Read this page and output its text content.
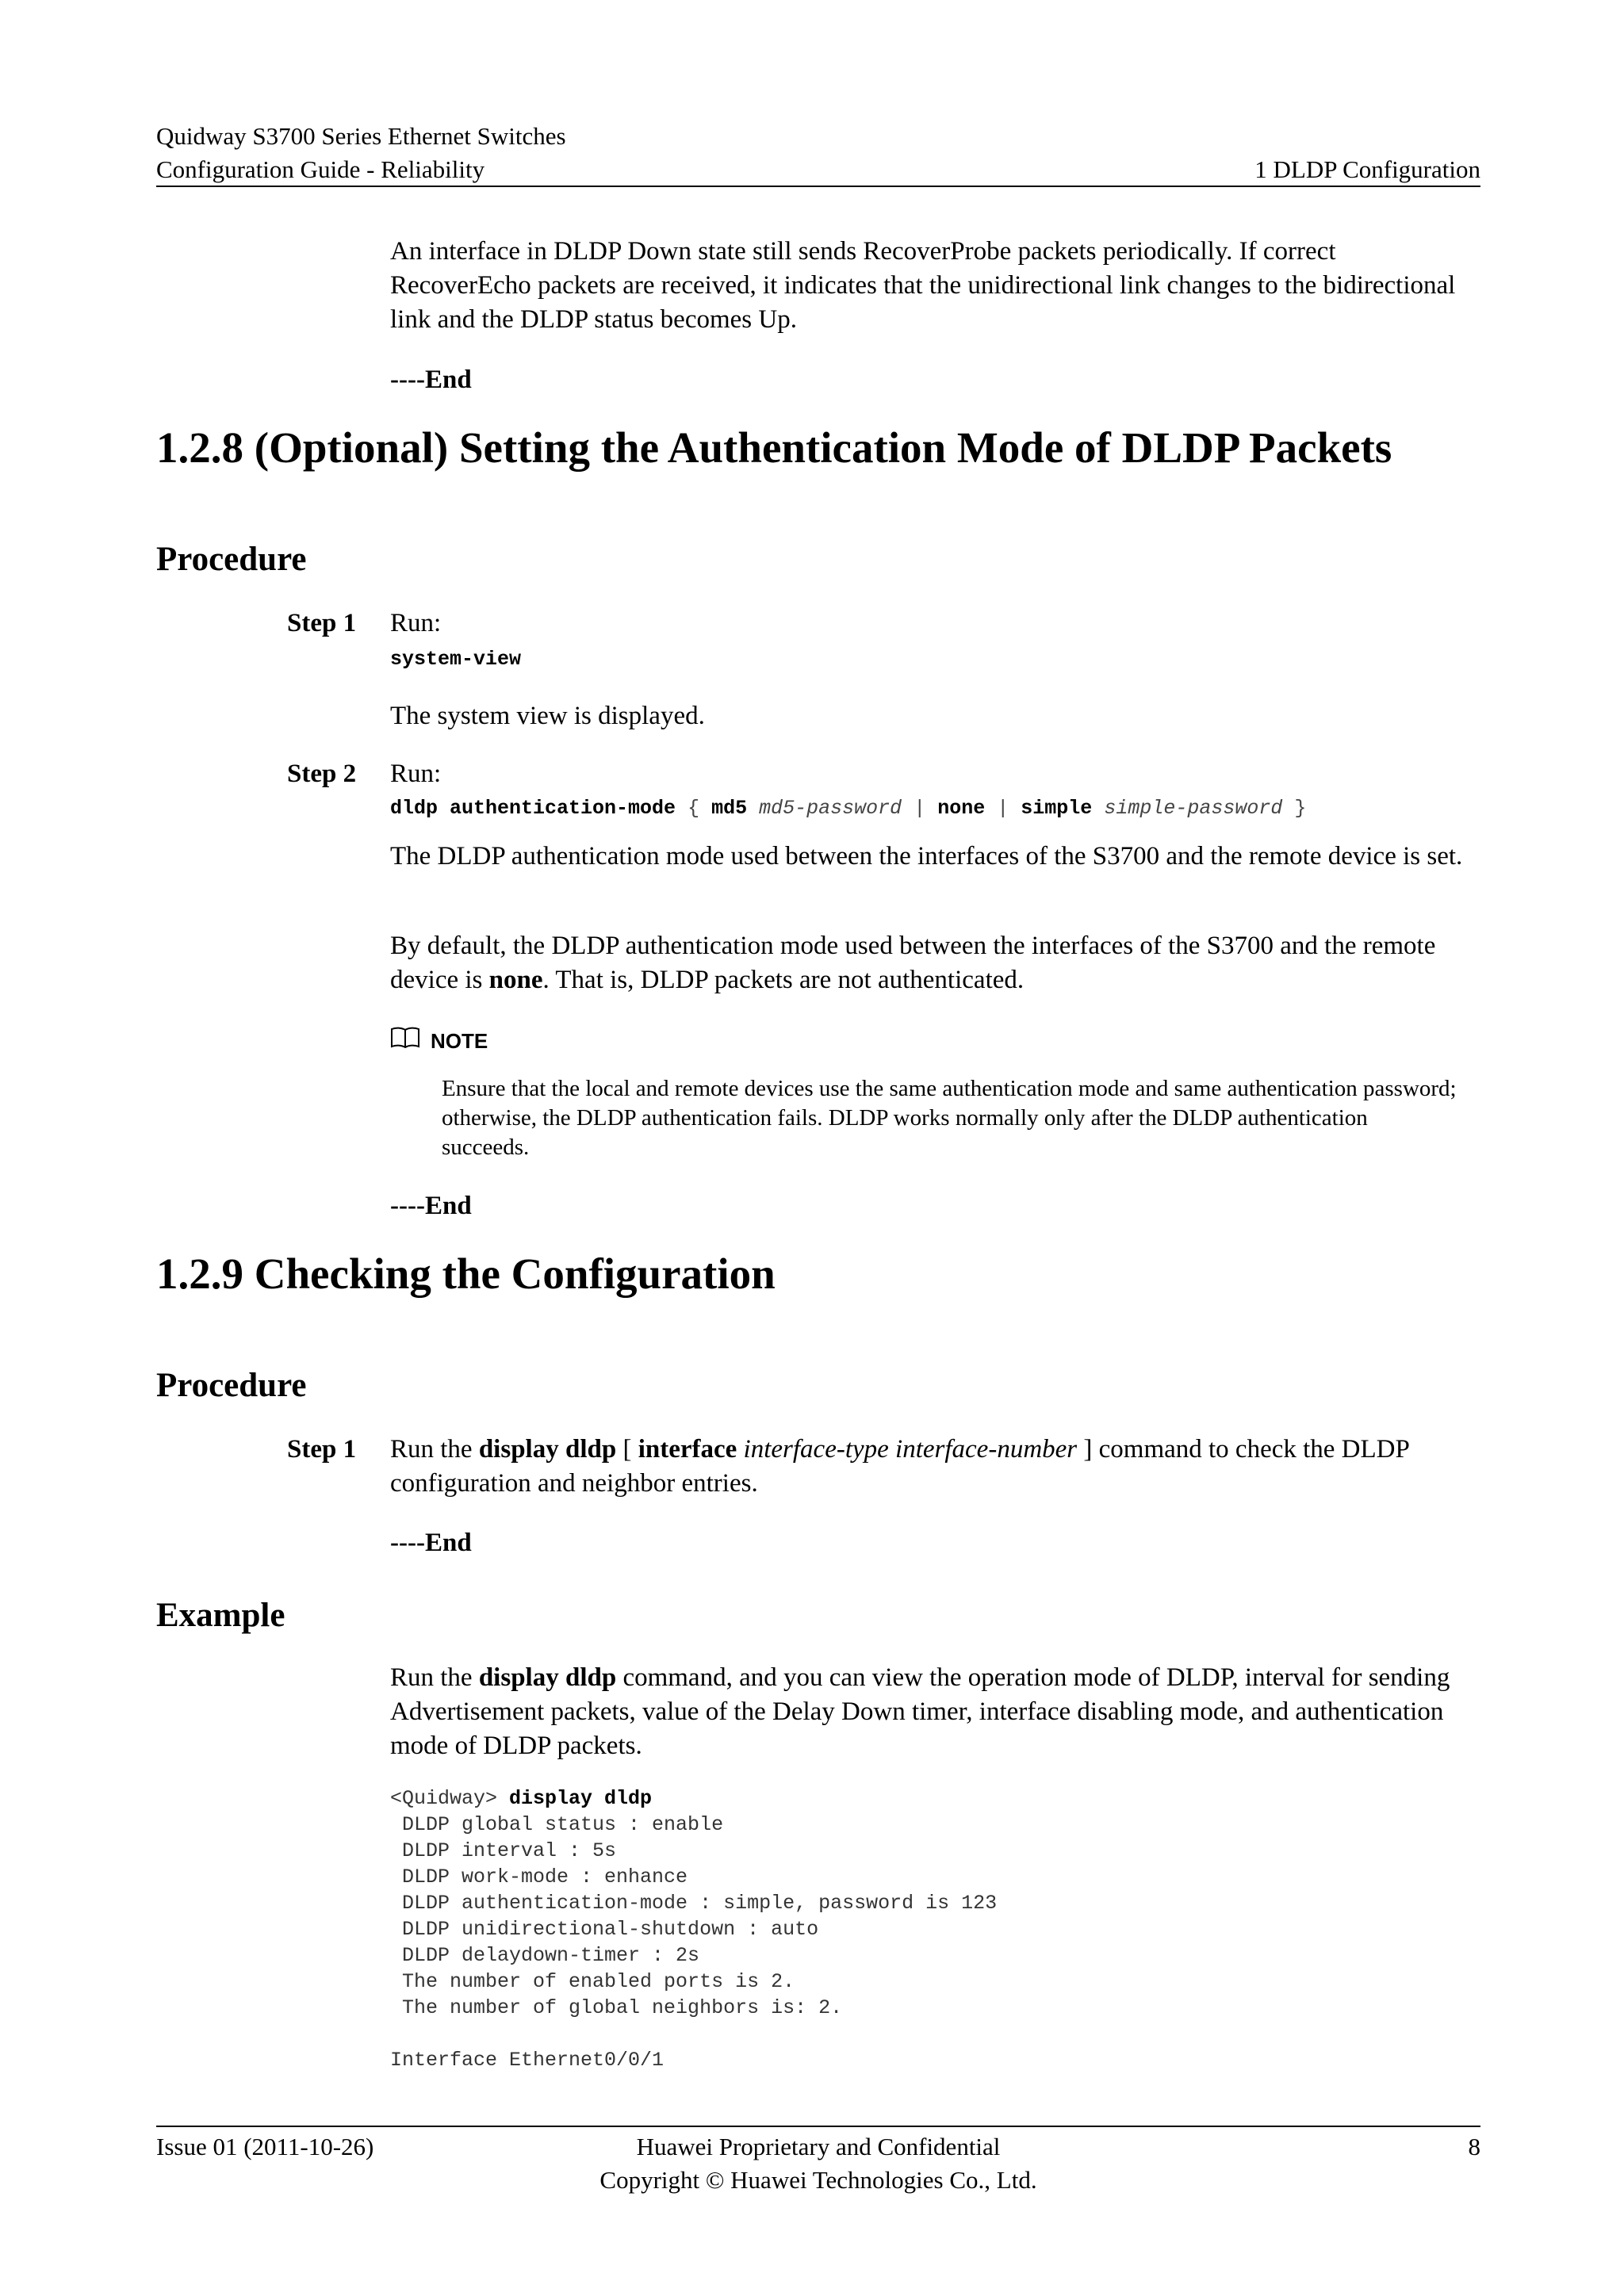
Quidway S3700 Series Ethernet Switches
Configuration Guide - Reliability	1 DLDP Configuration
An interface in DLDP Down state still sends RecoverProbe packets periodically. If correct RecoverEcho packets are received, it indicates that the unidirectional link changes to the bidirectional link and the DLDP status becomes Up.
----End
1.2.8 (Optional) Setting the Authentication Mode of DLDP Packets
Procedure
Step 1 Run:
system-view
The system view is displayed.
Step 2 Run:
dldp authentication-mode { md5 md5-password | none | simple simple-password }
The DLDP authentication mode used between the interfaces of the S3700 and the remote device is set.
By default, the DLDP authentication mode used between the interfaces of the S3700 and the remote device is none. That is, DLDP packets are not authenticated.
NOTE
Ensure that the local and remote devices use the same authentication mode and same authentication password; otherwise, the DLDP authentication fails. DLDP works normally only after the DLDP authentication succeeds.
----End
1.2.9 Checking the Configuration
Procedure
Step 1 Run the display dldp [ interface interface-type interface-number ] command to check the DLDP configuration and neighbor entries.
----End
Example
Run the display dldp command, and you can view the operation mode of DLDP, interval for sending Advertisement packets, value of the Delay Down timer, interface disabling mode, and authentication mode of DLDP packets.
<Quidway> display dldp
DLDP global status : enable
DLDP interval : 5s
DLDP work-mode : enhance
DLDP authentication-mode : simple, password is 123
DLDP unidirectional-shutdown : auto
DLDP delaydown-timer : 2s
The number of enabled ports is 2.
The number of global neighbors is: 2.

Interface Ethernet0/0/1
Issue 01 (2011-10-26)	Huawei Proprietary and Confidential
Copyright © Huawei Technologies Co., Ltd.
8
